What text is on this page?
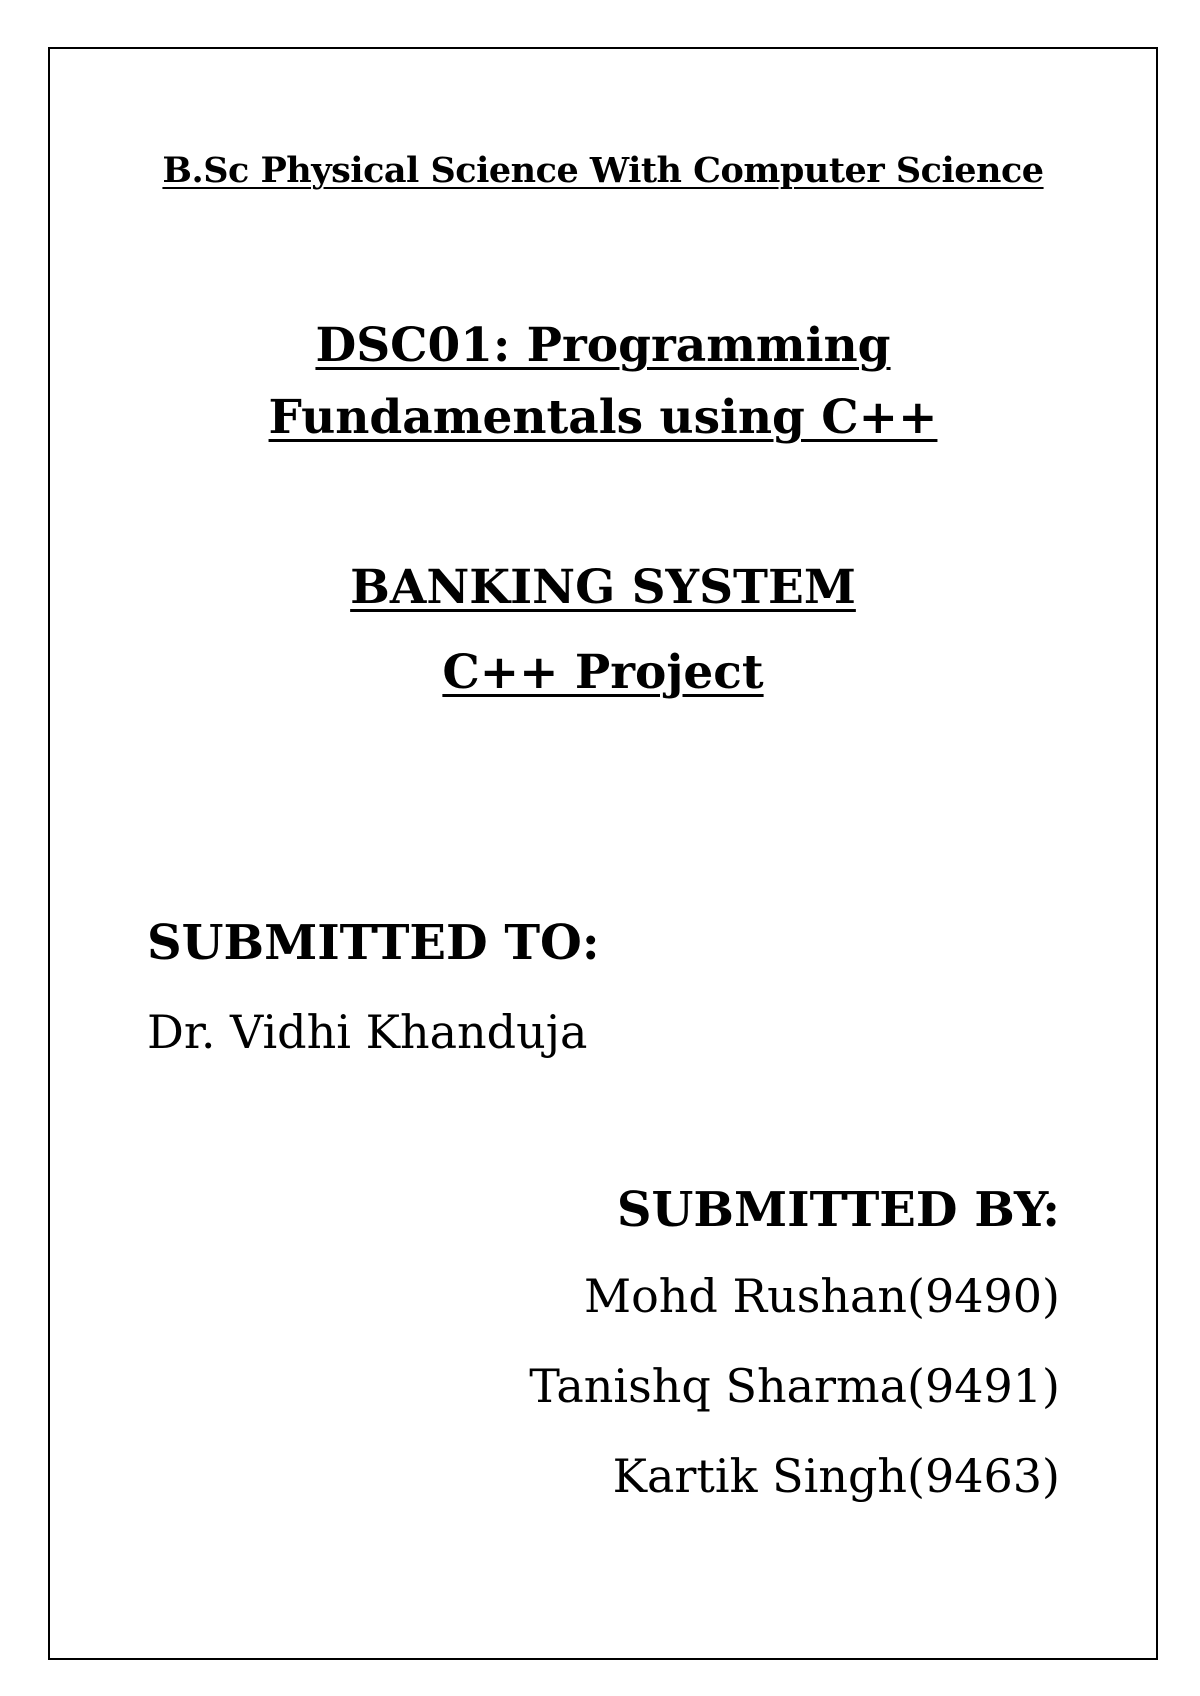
B.Sc Physical Science With Computer Science
DSC01: Programming
Fundamentals using C++
BANKING SYSTEM
C++ Project
SUBMITTED TO:
Dr. Vidhi Khanduja
SUBMITTED BY:
Mohd Rushan(9490)
Tanishq Sharma(9491)
Kartik Singh(9463)
